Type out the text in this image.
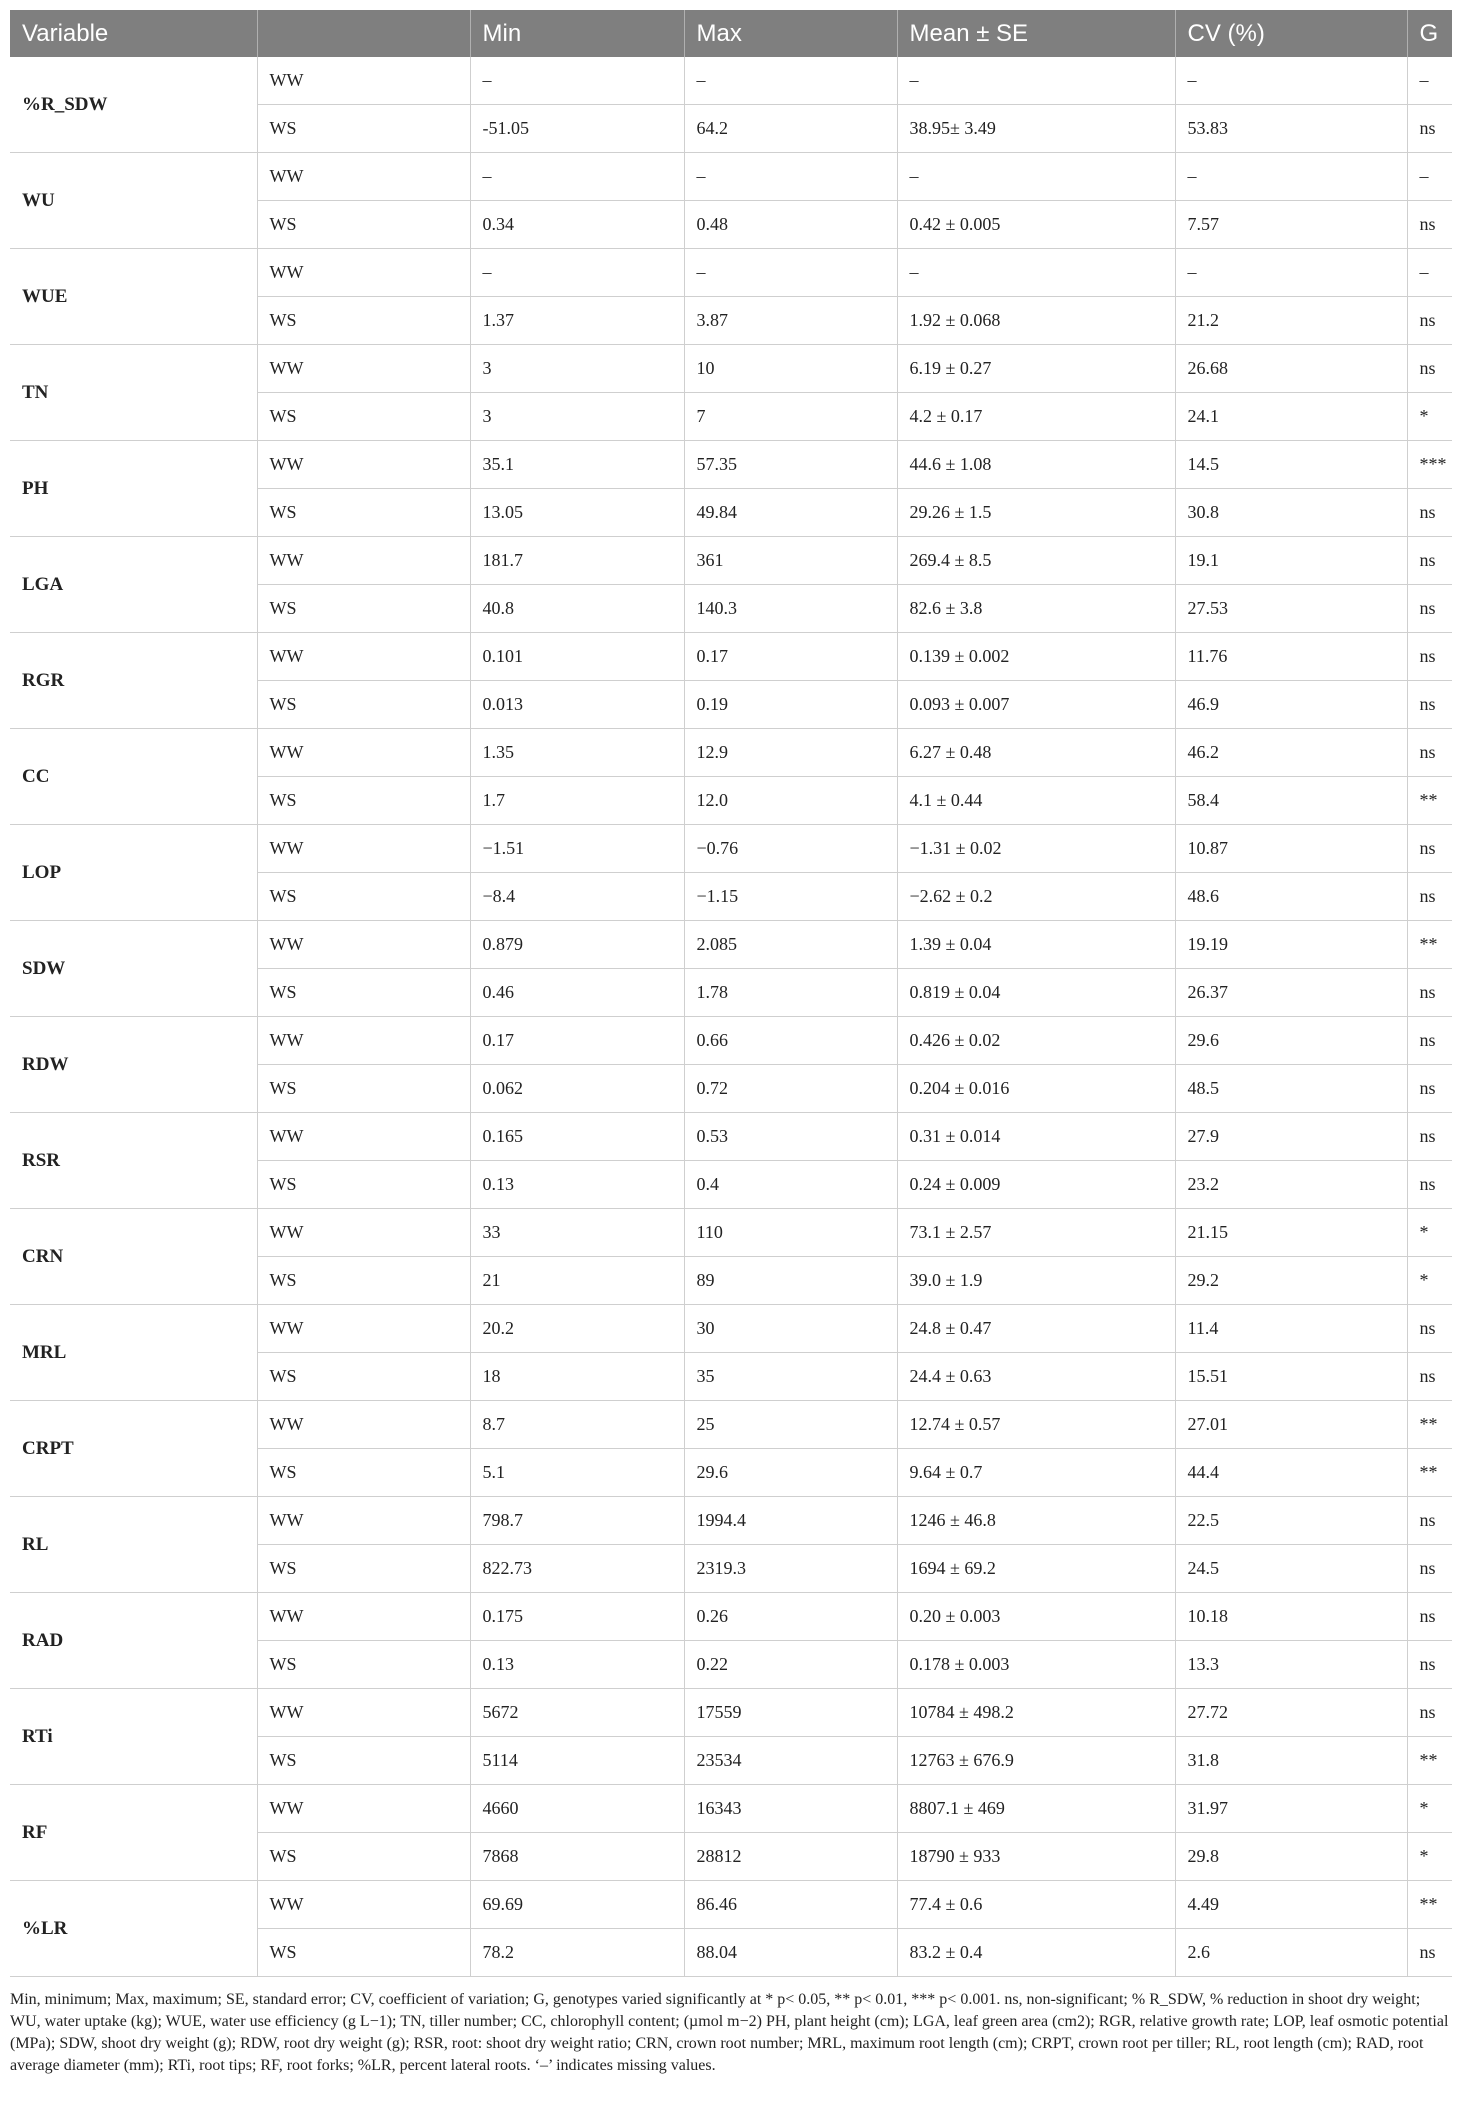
Variable		Min	Max	Mean ± SE	CV (%)	G
%R_SDW	WW	–	–	–	–	–
	WS	-51.05	64.2	38.95± 3.49	53.83	ns
WU	WW	–	–	–	–	–
	WS	0.34	0.48	0.42 ± 0.005	7.57	ns
WUE	WW	–	–	–	–	–
	WS	1.37	3.87	1.92 ± 0.068	21.2	ns
TN	WW	3	10	6.19 ± 0.27	26.68	ns
	WS	3	7	4.2 ± 0.17	24.1	*
PH	WW	35.1	57.35	44.6 ± 1.08	14.5	***
	WS	13.05	49.84	29.26 ± 1.5	30.8	ns
LGA	WW	181.7	361	269.4 ± 8.5	19.1	ns
	WS	40.8	140.3	82.6 ± 3.8	27.53	ns
RGR	WW	0.101	0.17	0.139 ± 0.002	11.76	ns
	WS	0.013	0.19	0.093 ± 0.007	46.9	ns
CC	WW	1.35	12.9	6.27 ± 0.48	46.2	ns
	WS	1.7	12.0	4.1 ± 0.44	58.4	**
LOP	WW	−1.51	−0.76	−1.31 ± 0.02	10.87	ns
	WS	−8.4	−1.15	−2.62 ± 0.2	48.6	ns
SDW	WW	0.879	2.085	1.39 ± 0.04	19.19	**
	WS	0.46	1.78	0.819 ± 0.04	26.37	ns
RDW	WW	0.17	0.66	0.426 ± 0.02	29.6	ns
	WS	0.062	0.72	0.204 ± 0.016	48.5	ns
RSR	WW	0.165	0.53	0.31 ± 0.014	27.9	ns
	WS	0.13	0.4	0.24 ± 0.009	23.2	ns
CRN	WW	33	110	73.1 ± 2.57	21.15	*
	WS	21	89	39.0 ± 1.9	29.2	*
MRL	WW	20.2	30	24.8 ± 0.47	11.4	ns
	WS	18	35	24.4 ± 0.63	15.51	ns
CRPT	WW	8.7	25	12.74 ± 0.57	27.01	**
	WS	5.1	29.6	9.64 ± 0.7	44.4	**
RL	WW	798.7	1994.4	1246 ± 46.8	22.5	ns
	WS	822.73	2319.3	1694 ± 69.2	24.5	ns
RAD	WW	0.175	0.26	0.20 ± 0.003	10.18	ns
	WS	0.13	0.22	0.178 ± 0.003	13.3	ns
RTi	WW	5672	17559	10784 ± 498.2	27.72	ns
	WS	5114	23534	12763 ± 676.9	31.8	**
RF	WW	4660	16343	8807.1 ± 469	31.97	*
	WS	7868	28812	18790 ± 933	29.8	*
%LR	WW	69.69	86.46	77.4 ± 0.6	4.49	**
	WS	78.2	88.04	83.2 ± 0.4	2.6	ns
Min, minimum; Max, maximum; SE, standard error; CV, coefficient of variation; G, genotypes varied significantly at * p< 0.05, ** p< 0.01, *** p< 0.001. ns, non-significant; % R_SDW, % reduction in shoot dry weight; WU, water uptake (kg); WUE, water use efficiency (g L−1); TN, tiller number; CC, chlorophyll content; (µmol m−2) PH, plant height (cm); LGA, leaf green area (cm2); RGR, relative growth rate; LOP, leaf osmotic potential (MPa); SDW, shoot dry weight (g); RDW, root dry weight (g); RSR, root: shoot dry weight ratio; CRN, crown root number; MRL, maximum root length (cm); CRPT, crown root per tiller; RL, root length (cm); RAD, root average diameter (mm); RTi, root tips; RF, root forks; %LR, percent lateral roots. ‘–’ indicates missing values.
